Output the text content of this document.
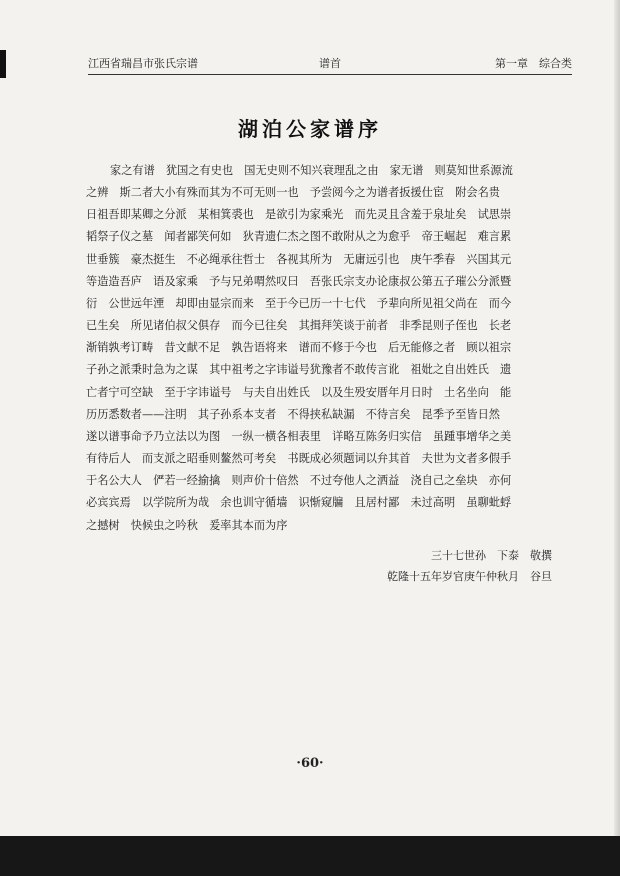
江西省瑞昌市张氏宗谱	谱首	第一章　综合类
湖泊公家谱序
家之有谱　犹国之有史也　国无史则不知兴衰理乱之由　家无谱　则莫知世系源流
之辨　斯二者大小有殊而其为不可无则一也　予尝阅今之为谱者扳援仕宦　附会名贵
日祖吾即某卿之分派　某相箕裘也　是欲引为家乘光　而先灵且含羞于泉址矣　试思崇
韬祭子仪之墓　闻者鄙笑何如　狄青遗仁杰之图不敢附从之为愈乎　帝王崛起　难言累
世垂簇　豪杰挺生　不必绳承往哲士　各视其所为　无庸远引也　庚午季春　兴国其元
等造造吾庐　语及家乘　予与兄弟喟然叹曰　吾张氏宗支办论康叔公第五子璀公分派暨
衍　公世远年湮　却即由显宗而来　至于今已历一十七代　予辈向所见祖父尚在　而今
已生矣　所见诸伯叔父俱存　而今已往矣　其揖拜笑谈于前者　非季昆则子侄也　长老
渐销孰考订畴　昔文献不足　孰告语将来　谱而不修于今也　后无能修之者　顾以祖宗
子孙之派秉时急为之谋　其中祖考之字讳谥号犹豫者不敢传言讹　祖妣之自出姓氏　遗
亡者宁可空缺　至于字讳谥号　与夫自出姓氏　以及生殁安厝年月日时　土名坐向　能
历历悉数者——注明　其子孙系本支者　不得挟私缺漏　不待言矣　昆季予至皆日然
遂以谱事命予乃立法以为图　一纵一横各相表里　详略互陈务归实信　虽踵事增华之美
有待后人　而支派之昭垂则鳌然可考矣　书既成必须题词以弁其首　夫世为文者多假手
于名公大人　俨若一经揄擒　则声价十倍然　不过夸他人之洒益　浇自己之垒块　亦何
必宾宾焉　以学院所为哉　余也训守循墙　识惭窥牖　且居村鄙　未过高明　虽聊蚍蜉
之撼树　快候虫之吟秋　爰率其本而为序
三十七世孙　下泰　敬撰
乾隆十五年岁官庚午仲秋月　谷旦
·60·
